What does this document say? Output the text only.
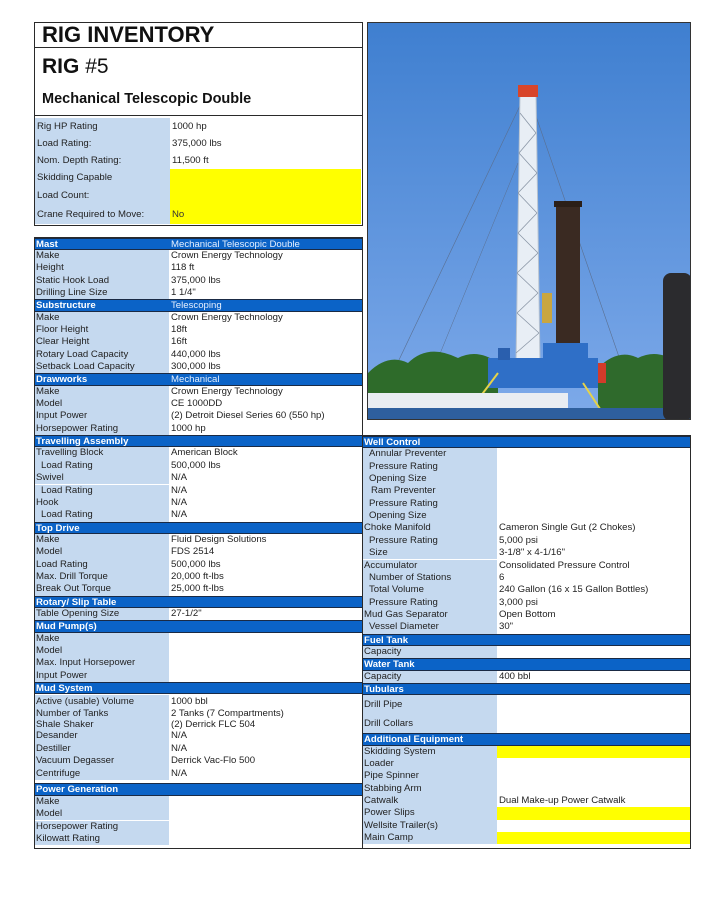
RIG INVENTORY
RIG #5
Mechanical Telescopic Double
Rig HP Rating	1000 hp
Load Rating:	375,000 lbs
Nom. Depth Rating:	11,500 ft
Skidding Capable
Load Count:
Crane Required to Move:	No
Mast	Mechanical Telescopic Double
Make	Crown Energy Technology
Height	118 ft
Static Hook Load	375,000 lbs
Drilling Line Size	1 1/4"
Substructure	Telescoping
Make	Crown Energy Technology
Floor Height	18ft
Clear Height	16ft
Rotary Load Capacity	440,000 lbs
Setback Load Capacity	300,000 lbs
Drawworks	Mechanical
Make	Crown Energy Technology
Model	CE 1000DD
Input Power	(2) Detroit Diesel Series 60 (550 hp)
Horsepower Rating	1000 hp
Travelling Assembly
Travelling Block	American Block
Load Rating	500,000 lbs
Swivel	N/A
Load Rating	N/A
Hook	N/A
Load Rating	N/A
Top Drive
Make	Fluid Design Solutions
Model	FDS 2514
Load Rating	500,000 lbs
Max. Drill Torque	20,000 ft-lbs
Break Out Torque	25,000 ft-lbs
Rotary/ Slip Table
Table Opening Size	27-1/2"
Mud Pump(s)
Make
Model
Max. Input Horsepower
Input Power
Mud System
Active (usable) Volume	1000 bbl
Number of Tanks	2 Tanks (7 Compartments)
Shale Shaker	(2) Derrick FLC 504
Desander	N/A
Destiller	N/A
Vacuum Degasser	Derrick Vac-Flo 500
Centrifuge	N/A
Power Generation
Make
Model
Horsepower Rating
Kilowatt Rating
Well Control
Annular Preventer
Pressure Rating
Opening Size
Ram Preventer
Pressure Rating
Opening Size
Choke Manifold	Cameron Single Gut (2 Chokes)
Pressure Rating	5,000 psi
Size	3-1/8" x 4-1/16"
Accumulator	Consolidated Pressure Control
Number of Stations	6
Total Volume	240 Gallon (16 x 15 Gallon Bottles)
Pressure Rating	3,000 psi
Mud Gas Separator	Open Bottom
Vessel Diameter	30"
Fuel Tank
Capacity
Water Tank
Capacity	400 bbl
Tubulars
Drill Pipe
Drill Collars
Additional Equipment
Skidding System
Loader
Pipe Spinner
Stabbing Arm
Catwalk	Dual Make-up Power Catwalk
Power Slips
Wellsite Trailer(s)
Main Camp
